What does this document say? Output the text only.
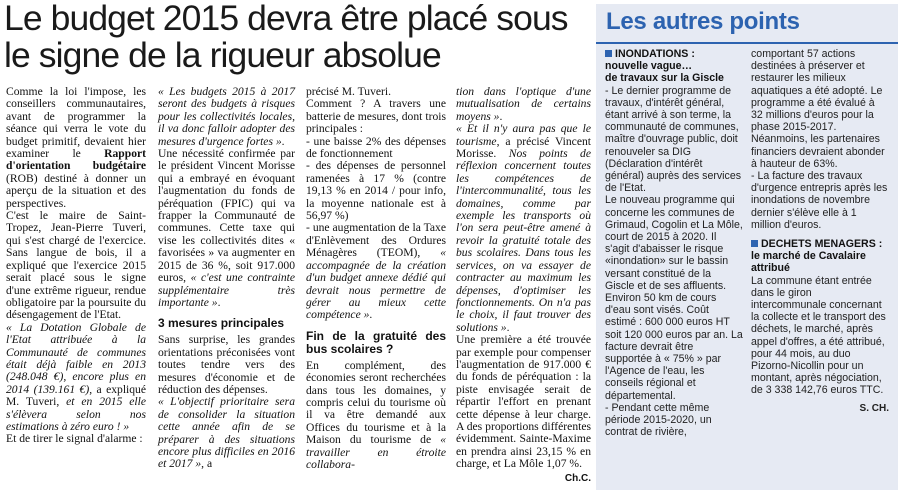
Le budget 2015 devra être placé sous le signe de la rigueur absolue

Comme la loi l'impose, les conseillers communautaires, avant de programmer la séance qui verra le vote du budget primitif, devaient hier examiner le Rapport d'orientation budgétaire (ROB) destiné à donner un aperçu de la situation et des perspectives.

C'est le maire de Saint-Tropez, Jean-Pierre Tuveri, qui s'est chargé de l'exercice. Sans langue de bois, il a expliqué que l'exercice 2015 serait placé sous le signe d'une extrême rigueur, rendue obligatoire par la poursuite du désengagement de l'Etat.

« La Dotation Globale de l'Etat attribuée à la Communauté de communes était déjà faible en 2013 (248.048 €), encore plus en 2014 (139.161 €), a expliqué M. Tuveri, et en 2015 elle s'élèvera selon nos estimations à zéro euro ! »

Et de tirer le signal d'alarme :

« Les budgets 2015 à 2017 seront des budgets à risques pour les collectivités locales, il va donc falloir adopter des mesures d'urgence fortes ».

Une nécessité confirmée par le président Vincent Morisse qui a embrayé en évoquant l'augmentation du fonds de péréquation (FPIC) qui va frapper la Communauté de communes. Cette taxe qui vise les collectivités dites « favorisées » va augmenter en 2015 de 36 %, soit 917.000 euros, « c'est une contrainte supplémentaire très importante ».

3 mesures principales

Sans surprise, les grandes orientations préconisées vont toutes tendre vers des mesures d'économie et de réduction des dépenses.

« L'objectif prioritaire sera de consolider la situation cette année afin de se préparer à des situations encore plus difficiles en 2016 et 2017 », a

précisé M. Tuveri.

Comment ? A travers une batterie de mesures, dont trois principales :

- une baisse 2% des dépenses de fonctionnement

- des dépenses de personnel ramenées à 17 % (contre 19,13 % en 2014 / pour info, la moyenne nationale est à 56,97 %)

- une augmentation de la Taxe d'Enlèvement des Ordures Ménagères (TEOM), « accompagnée de la création d'un budget annexe dédié qui devrait nous permettre de gérer au mieux cette compétence ».

Fin de la gratuité des bus scolaires ?

En complément, des économies seront recherchées dans tous les domaines, y compris celui du tourisme où il va être demandé aux Offices du tourisme et à la Maison du tourisme de « travailler en étroite collabora-

tion dans l'optique d'une mutualisation de certains moyens ».

« Et il n'y aura pas que le tourisme, a précisé Vincent Morisse. Nos points de réflexion concernent toutes les compétences de l'intercommunalité, tous les domaines, comme par exemple les transports où l'on sera peut-être amené à revoir la gratuité totale des bus scolaires. Dans tous les services, on va essayer de contracter au maximum les dépenses, d'optimiser les fonctionnements. On n'a pas le choix, il faut trouver des solutions ».

Une première a été trouvée par exemple pour compenser l'augmentation de 917.000 € du fonds de péréquation : la piste envisagée serait de répartir l'effort en prenant cette dépense à leur charge. A des proportions différentes évidemment. Sainte-Maxime en prendra ainsi 23,15 % en charge, et La Môle 1,07 %.

Ch.C.
Les autres points

INONDATIONS :

nouvelle vague…

de travaux sur la Giscle

- Le dernier programme de travaux, d'intérêt général, étant arrivé à son terme, la communauté de communes, maître d'ouvrage public, doit renouveler sa DIG (Déclaration d'intérêt général) auprès des services de l'Etat.

Le nouveau programme qui concerne les communes de Grimaud, Cogolin et La Môle, court de 2015 à 2020. Il s'agit d'abaisser le risque «inondation» sur le bassin versant constitué de la Giscle et de ses affluents. Environ 50 km de cours d'eau sont visés. Coût estimé : 600 000 euros HT soit 120 000 euros par an. La facture devrait être supportée à « 75% » par l'Agence de l'eau, les conseils régional et départemental.

- Pendant cette même période 2015-2020, un contrat de rivière,

comportant 57 actions destinées à préserver et restaurer les milieux aquatiques a été adopté. Le programme a été évalué à 32 millions d'euros pour la phase 2015-2017. Néanmoins, les partenaires financiers devraient abonder à hauteur de 63%.

- La facture des travaux d'urgence entrepris après les inondations de novembre dernier s'élève elle à 1 million d'euros.

DECHETS MENAGERS :

le marché de Cavalaire attribué

La commune étant entrée dans le giron intercommunale concernant la collecte et le transport des déchets, le marché, après appel d'offres, a été attribué, pour 44 mois, au duo Pizorno-Nicollin pour un montant, après négociation, de 3 338 142,76 euros TTC.

S. CH.
